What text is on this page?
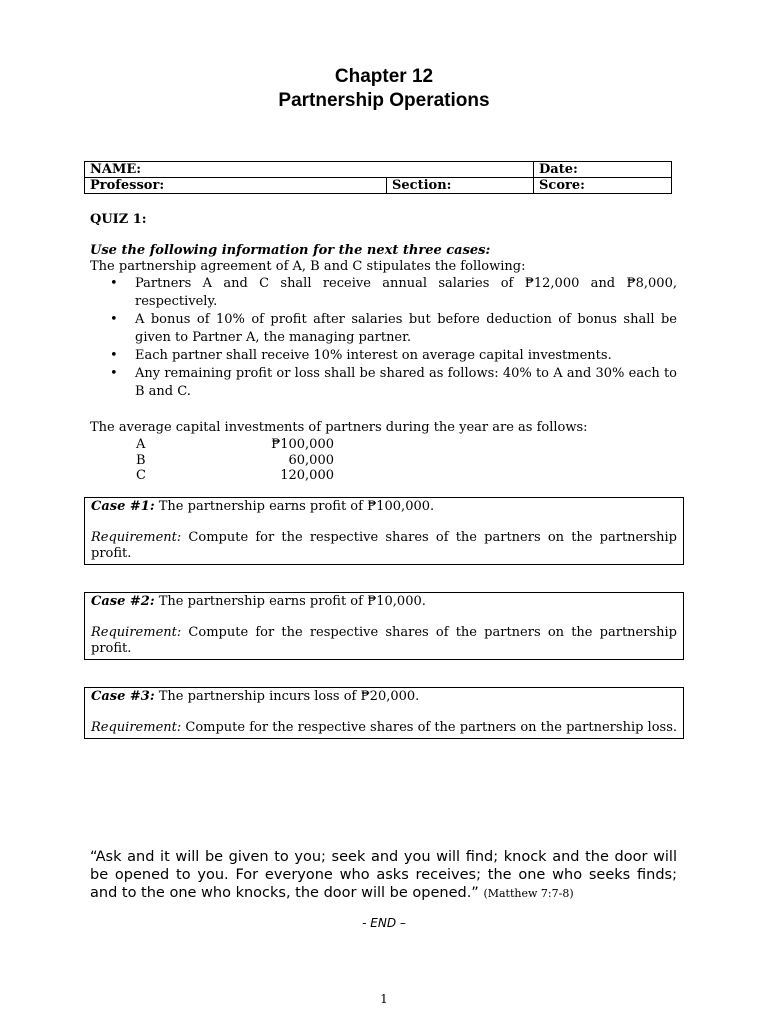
Chapter 12
Partnership Operations
NAME:		Date:
Professor:	Section:	Score:
QUIZ 1:
Use the following information for the next three cases:
The partnership agreement of A, B and C stipulates the following:
• Partners A and C shall receive annual salaries of ₱12,000 and ₱8,000, respectively.
• A bonus of 10% of profit after salaries but before deduction of bonus shall be given to Partner A, the managing partner.
• Each partner shall receive 10% interest on average capital investments.
• Any remaining profit or loss shall be shared as follows: 40% to A and 30% each to B and C.
The average capital investments of partners during the year are as follows:
A	₱100,000
B	60,000
C	120,000
Case #1: The partnership earns profit of ₱100,000.
Requirement: Compute for the respective shares of the partners on the partnership profit.
Case #2: The partnership earns profit of ₱10,000.
Requirement: Compute for the respective shares of the partners on the partnership profit.
Case #3: The partnership incurs loss of ₱20,000.
Requirement: Compute for the respective shares of the partners on the partnership loss.
“Ask and it will be given to you; seek and you will find; knock and the door will be opened to you. For everyone who asks receives; the one who seeks finds; and to the one who knocks, the door will be opened.” (Matthew 7:7-8)
- END –
1
